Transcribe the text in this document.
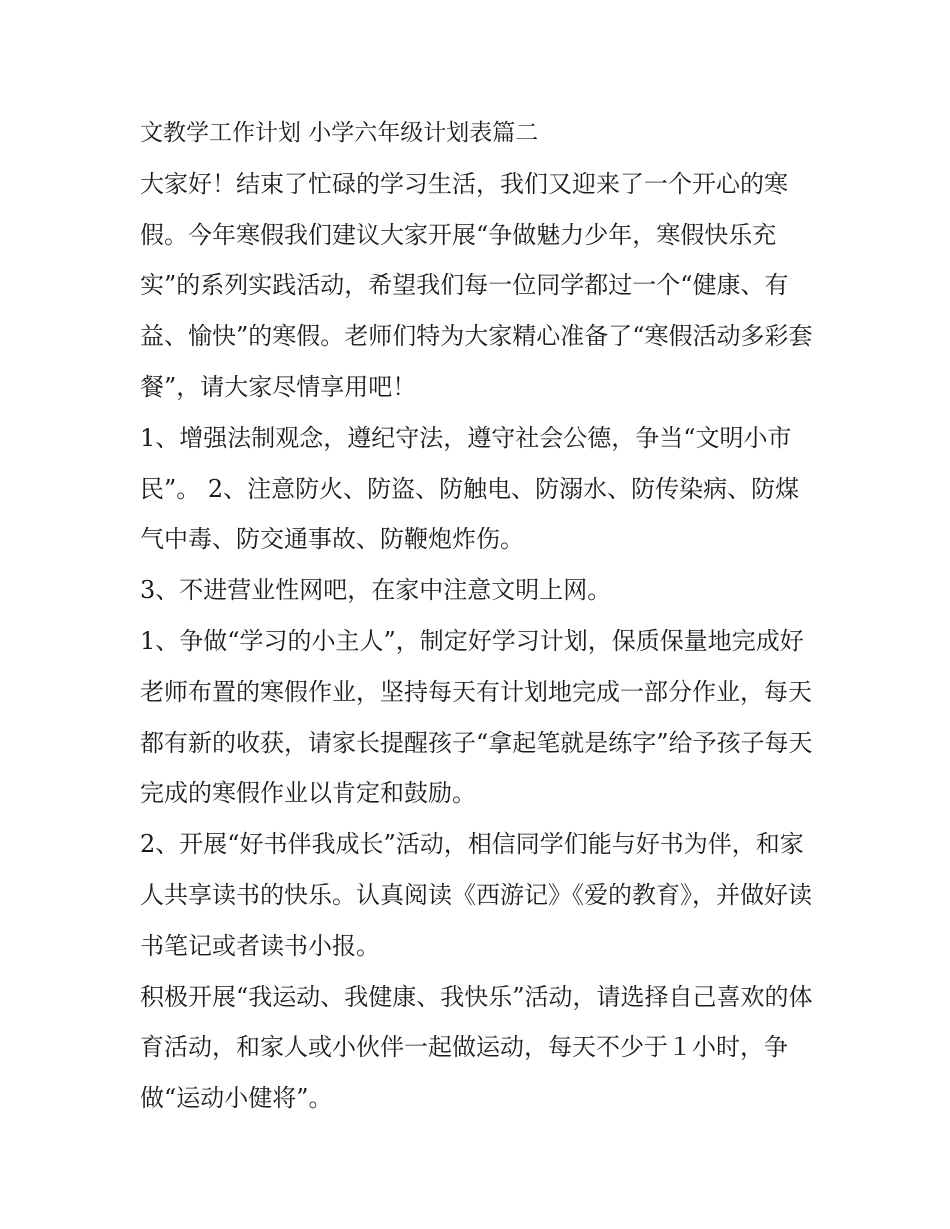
文教学工作计划 小学六年级计划表篇二

大家好！结束了忙碌的学习生活，我们又迎来了一个开心的寒假。今年寒假我们建议大家开展“争做魅力少年，寒假快乐充实”的系列实践活动，希望我们每一位同学都过一个“健康、有益、愉快”的寒假。老师们特为大家精心准备了“寒假活动多彩套餐”，请大家尽情享用吧！

1、增强法制观念，遵纪守法，遵守社会公德，争当“文明小市民”。 2、注意防火、防盗、防触电、防溺水、防传染病、防煤气中毒、防交通事故、防鞭炮炸伤。

3、不进营业性网吧，在家中注意文明上网。

1、争做“学习的小主人”，制定好学习计划，保质保量地完成好老师布置的寒假作业，坚持每天有计划地完成一部分作业，每天都有新的收获，请家长提醒孩子“拿起笔就是练字”给予孩子每天完成的寒假作业以肯定和鼓励。

2、开展“好书伴我成长”活动，相信同学们能与好书为伴，和家人共享读书的快乐。认真阅读《西游记》《爱的教育》，并做好读书笔记或者读书小报。

积极开展“我运动、我健康、我快乐”活动，请选择自己喜欢的体育活动，和家人或小伙伴一起做运动，每天不少于１小时，争做“运动小健将”。
